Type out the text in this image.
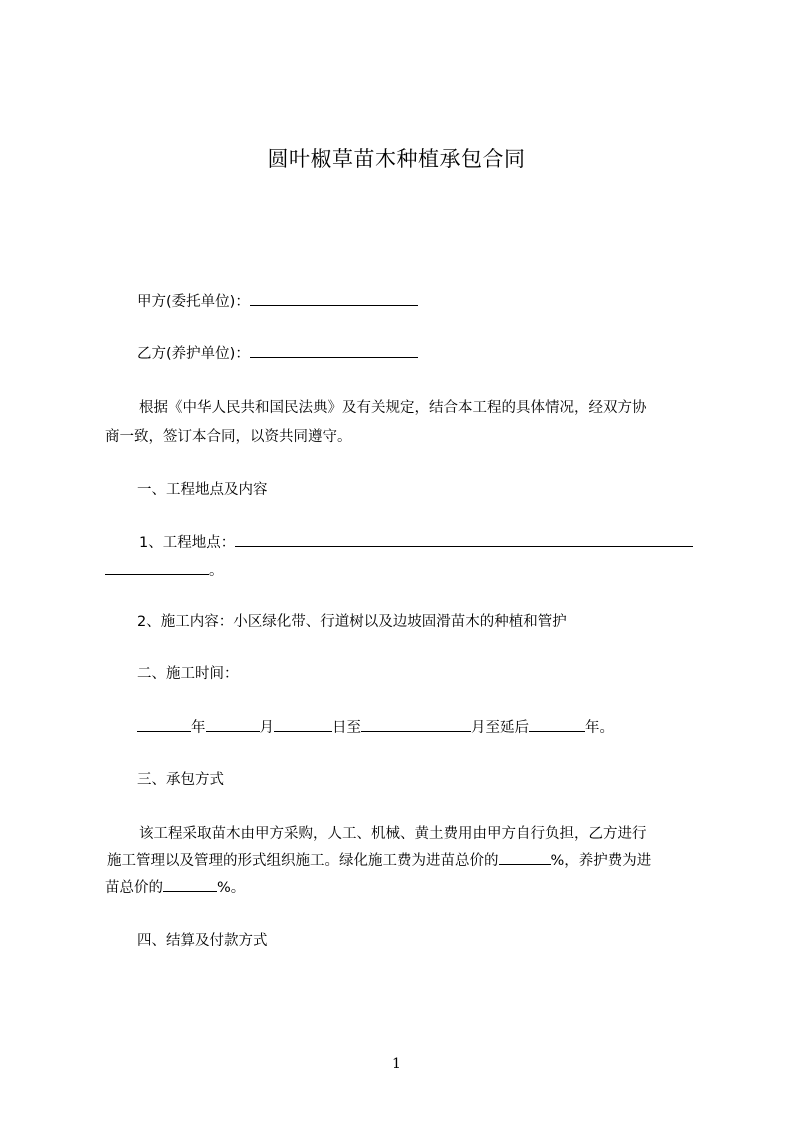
圆叶椒草苗木种植承包合同
甲方(委托单位)：
乙方(养护单位)：
根据《中华人民共和国民法典》及有关规定，结合本工程的具体情况，经双方协
商一致，签订本合同，以资共同遵守。
一、工程地点及内容
1、工程地点：
。
2、施工内容：小区绿化带、行道树以及边坡固滑苗木的种植和管护
二、施工时间：
年	月	日至	月至延后	年。
三、承包方式
该工程采取苗木由甲方采购，人工、机械、黄土费用由甲方自行负担，乙方进行
施工管理以及管理的形式组织施工。绿化施工费为进苗总价的	%，养护费为进
苗总价的	%。
四、结算及付款方式
1
